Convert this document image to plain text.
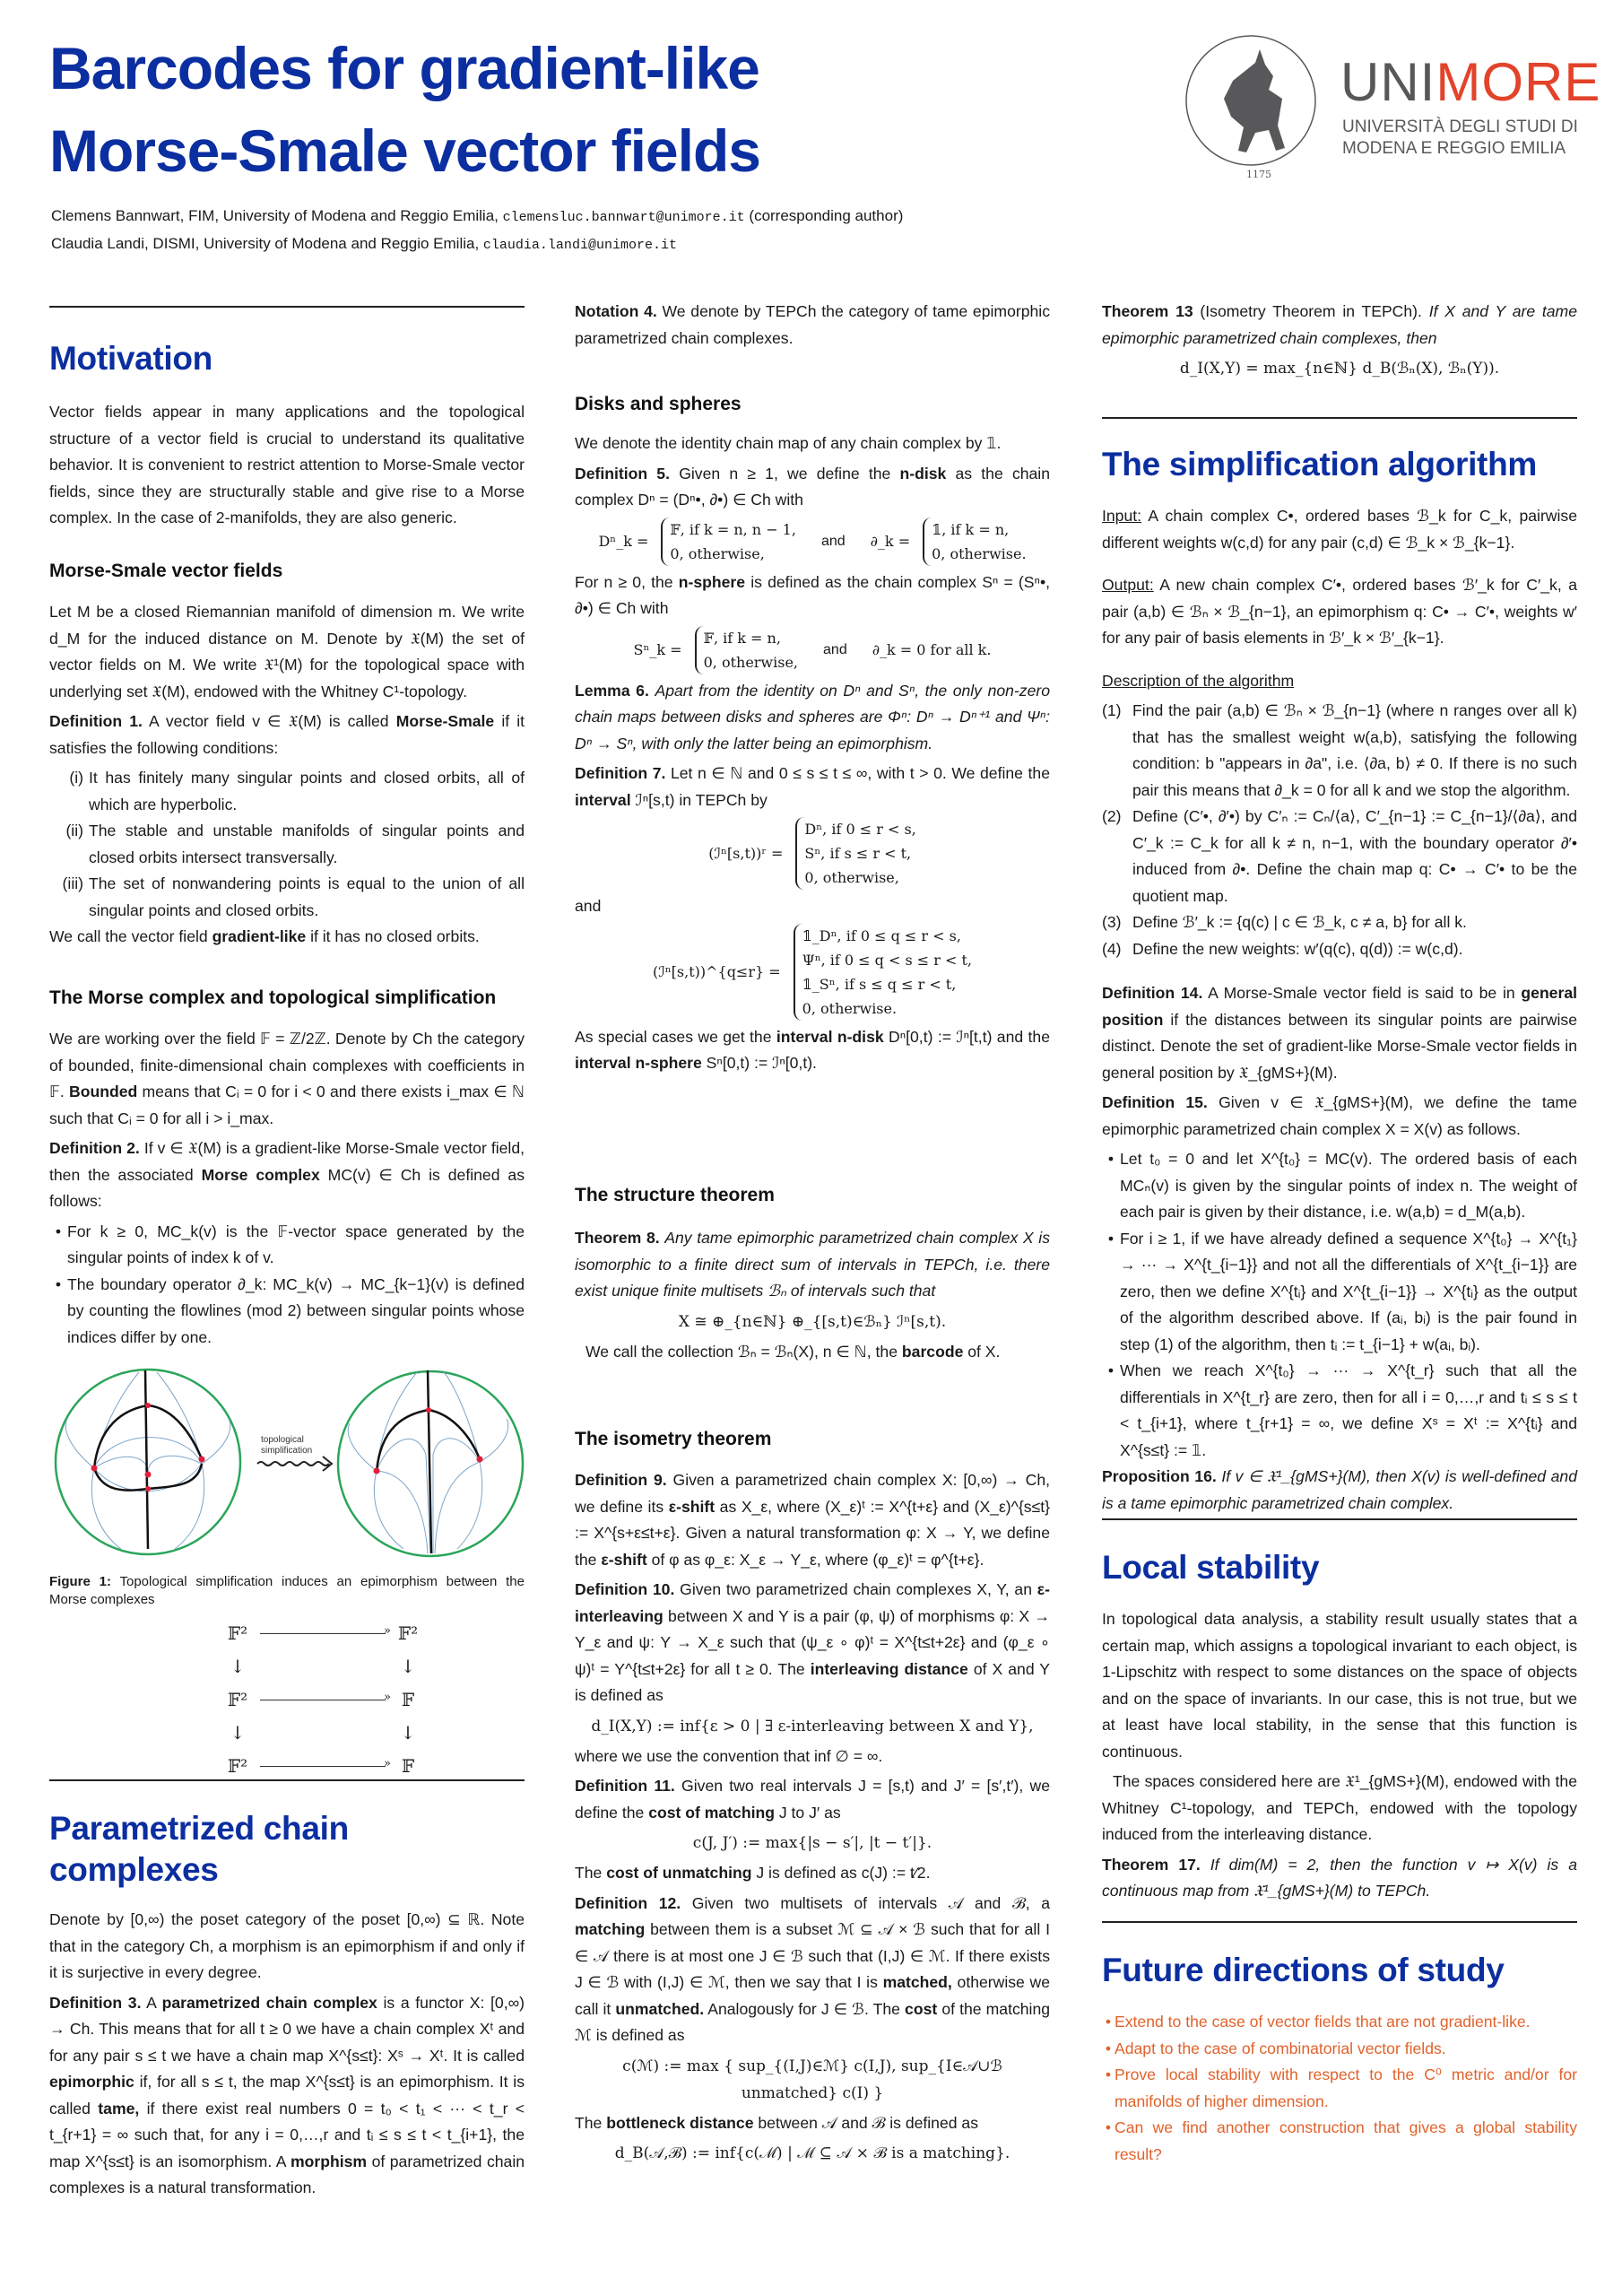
Barcodes for gradient-like
Morse-Smale vector fields
Clemens Bannwart, FIM, University of Modena and Reggio Emilia, clemensluc.bannwart@unimore.it (corresponding author)
Claudia Landi, DISMI, University of Modena and Reggio Emilia, claudia.landi@unimore.it
1175
UNIMORE
UNIVERSITÀ DEGLI STUDI DI
MODENA E REGGIO EMILIA
Motivation

Vector fields appear in many applications and the topological structure of a vector field is crucial to understand its qualitative behavior. It is convenient to restrict attention to Morse-Smale vector fields, since they are structurally stable and give rise to a Morse complex. In the case of 2-manifolds, they are also generic.

Morse-Smale vector fields

Let M be a closed Riemannian manifold of dimension m. We write d_M for the induced distance on M. Denote by 𝔛(M) the set of vector fields on M. We write 𝔛¹(M) for the topological space with underlying set 𝔛(M), endowed with the Whitney C¹-topology.

Definition 1. A vector field v ∈ 𝔛(M) is called Morse-Smale if it satisfies the following conditions:

(i) It has finitely many singular points and closed orbits, all of which are hyperbolic.
(ii) The stable and unstable manifolds of singular points and closed orbits intersect transversally.
(iii) The set of nonwandering points is equal to the union of all singular points and closed orbits.

We call the vector field gradient-like if it has no closed orbits.

The Morse complex and topological simplification

We are working over the field 𝔽 = ℤ/2ℤ. Denote by Ch the category of bounded, finite-dimensional chain complexes with coefficients in 𝔽. Bounded means that Cᵢ = 0 for i < 0 and there exists i_max ∈ ℕ such that Cᵢ = 0 for all i > i_max.

Definition 2. If v ∈ 𝔛(M) is a gradient-like Morse-Smale vector field, then the associated Morse complex MC(v) ∈ Ch is defined as follows:

• For k ≥ 0, MC_k(v) is the 𝔽-vector space generated by the singular points of index k of v.
• The boundary operator ∂_k: MC_k(v) → MC_{k−1}(v) is defined by counting the flowlines (mod 2) between singular points whose indices differ by one.
topological
simplification

Figure 1: Topological simplification induces an epimorphism between the Morse complexes

𝔽²	» 𝔽²
↓	↓
𝔽²	» 𝔽
↓	↓
𝔽²	» 𝔽
Parametrized chain complexes

Denote by [0,∞) the poset category of the poset [0,∞) ⊆ ℝ. Note that in the category Ch, a morphism is an epimorphism if and only if it is surjective in every degree.

Definition 3. A parametrized chain complex is a functor X: [0,∞) → Ch. This means that for all t ≥ 0 we have a chain complex Xᵗ and for any pair s ≤ t we have a chain map X^{s≤t}: Xˢ → Xᵗ. It is called epimorphic if, for all s ≤ t, the map X^{s≤t} is an epimorphism. It is called tame, if there exist real numbers 0 = t₀ < t₁ < ··· < t_r < t_{r+1} = ∞ such that, for any i = 0,…,r and tᵢ ≤ s ≤ t < t_{i+1}, the map X^{s≤t} is an isomorphism. A morphism of parametrized chain complexes is a natural transformation.

Notation 4. We denote by TEPCh the category of tame epimorphic parametrized chain complexes.

Disks and spheres

We denote the identity chain map of any chain complex by 𝟙.

Definition 5. Given n ≥ 1, we define the n-disk as the chain complex Dⁿ = (Dⁿ•, ∂•) ∈ Ch with

Dⁿ_k =
𝔽, if k = n, n − 1,
0, otherwise,
and ∂_k =
𝟙, if k = n,
0, otherwise.

For n ≥ 0, the n-sphere is defined as the chain complex Sⁿ = (Sⁿ•, ∂•) ∈ Ch with

Sⁿ_k =
𝔽, if k = n,
0, otherwise,
and ∂_k = 0 for all k.

Lemma 6. Apart from the identity on Dⁿ and Sⁿ, the only non-zero chain maps between disks and spheres are Φⁿ: Dⁿ → Dⁿ⁺¹ and Ψⁿ: Dⁿ → Sⁿ, with only the latter being an epimorphism.

Definition 7. Let n ∈ ℕ and 0 ≤ s ≤ t ≤ ∞, with t > 0. We define the interval ℐⁿ[s,t) in TEPCh by

(ℐⁿ[s,t))ʳ =
Dⁿ, if 0 ≤ r < s,
Sⁿ, if s ≤ r < t,
0, otherwise,

and

(ℐⁿ[s,t))^{q≤r} =
𝟙_Dⁿ, if 0 ≤ q ≤ r < s,
Ψⁿ, if 0 ≤ q < s ≤ r < t,
𝟙_Sⁿ, if s ≤ q ≤ r < t,
0, otherwise.

As special cases we get the interval n-disk Dⁿ[0,t) := ℐⁿ[t,t) and the interval n-sphere Sⁿ[0,t) := ℐⁿ[0,t).

The structure theorem

Theorem 8. Any tame epimorphic parametrized chain complex X is isomorphic to a finite direct sum of intervals in TEPCh, i.e. there exist unique finite multisets ℬₙ of intervals such that

X ≅ ⊕_{n∈ℕ} ⊕_{[s,t)∈ℬₙ} ℐⁿ[s,t).

We call the collection ℬₙ = ℬₙ(X), n ∈ ℕ, the barcode of X.

The isometry theorem

Definition 9. Given a parametrized chain complex X: [0,∞) → Ch, we define its ε-shift as X_ε, where (X_ε)ᵗ := X^{t+ε} and (X_ε)^{s≤t} := X^{s+ε≤t+ε}. Given a natural transformation φ: X → Y, we define the ε-shift of φ as φ_ε: X_ε → Y_ε, where (φ_ε)ᵗ = φ^{t+ε}.

Definition 10. Given two parametrized chain complexes X, Y, an ε-interleaving between X and Y is a pair (φ, ψ) of morphisms φ: X → Y_ε and ψ: Y → X_ε such that (ψ_ε ∘ φ)ᵗ = X^{t≤t+2ε} and (φ_ε ∘ ψ)ᵗ = Y^{t≤t+2ε} for all t ≥ 0. The interleaving distance of X and Y is defined as

d_I(X,Y) := inf{ε > 0 | ∃ ε-interleaving between X and Y},

where we use the convention that inf ∅ = ∞.

Definition 11. Given two real intervals J = [s,t) and J′ = [s′,t′), we define the cost of matching J to J′ as

c(J, J′) := max{|s − s′|, |t − t′|}.

The cost of unmatching J is defined as c(J) := t⁄2.

Definition 12. Given two multisets of intervals 𝒜 and ℬ, a matching between them is a subset ℳ ⊆ 𝒜 × ℬ such that for all I ∈ 𝒜 there is at most one J ∈ ℬ such that (I,J) ∈ ℳ. If there exists J ∈ ℬ with (I,J) ∈ ℳ, then we say that I is matched, otherwise we call it unmatched. Analogously for J ∈ ℬ. The cost of the matching ℳ is defined as

c(ℳ) := max { sup_{(I,J)∈ℳ} c(I,J), sup_{I∈𝒜∪ℬ unmatched} c(I) }

The bottleneck distance between 𝒜 and ℬ is defined as

d_B(𝒜,ℬ) := inf{c(ℳ) | ℳ ⊆ 𝒜 × ℬ is a matching}.

Theorem 13 (Isometry Theorem in TEPCh). If X and Y are tame epimorphic parametrized chain complexes, then

d_I(X,Y) = max_{n∈ℕ} d_B(ℬₙ(X), ℬₙ(Y)).
The simplification algorithm

Input: A chain complex C•, ordered bases ℬ_k for C_k, pairwise different weights w(c,d) for any pair (c,d) ∈ ℬ_k × ℬ_{k−1}.

Output: A new chain complex C′•, ordered bases ℬ′_k for C′_k, a pair (a,b) ∈ ℬₙ × ℬ_{n−1}, an epimorphism q: C• → C′•, weights w′ for any pair of basis elements in ℬ′_k × ℬ′_{k−1}.

Description of the algorithm

(1) Find the pair (a,b) ∈ ℬₙ × ℬ_{n−1} (where n ranges over all k) that has the smallest weight w(a,b), satisfying the following condition: b "appears in ∂a", i.e. ⟨∂a, b⟩ ≠ 0. If there is no such pair this means that ∂_k = 0 for all k and we stop the algorithm.
(2) Define (C′•, ∂′•) by C′ₙ := Cₙ/⟨a⟩, C′_{n−1} := C_{n−1}/⟨∂a⟩, and C′_k := C_k for all k ≠ n, n−1, with the boundary operator ∂′• induced from ∂•. Define the chain map q: C• → C′• to be the quotient map.
(3) Define ℬ′_k := {q(c) | c ∈ ℬ_k, c ≠ a, b} for all k.
(4) Define the new weights: w′(q(c), q(d)) := w(c,d).

Definition 14. A Morse-Smale vector field is said to be in general position if the distances between its singular points are pairwise distinct. Denote the set of gradient-like Morse-Smale vector fields in general position by 𝔛_{gMS+}(M).

Definition 15. Given v ∈ 𝔛_{gMS+}(M), we define the tame epimorphic parametrized chain complex X = X(v) as follows.

• Let t₀ = 0 and let X^{t₀} = MC(v). The ordered basis of each MCₙ(v) is given by the singular points of index n. The weight of each pair is given by their distance, i.e. w(a,b) = d_M(a,b).
• For i ≥ 1, if we have already defined a sequence X^{t₀} → X^{t₁} → ··· → X^{t_{i−1}} and not all the differentials of X^{t_{i−1}} are zero, then we define X^{tᵢ} and X^{t_{i−1}} → X^{tᵢ} as the output of the algorithm described above. If (aᵢ, bᵢ) is the pair found in step (1) of the algorithm, then tᵢ := t_{i−1} + w(aᵢ, bᵢ).
• When we reach X^{t₀} → ··· → X^{t_r} such that all the differentials in X^{t_r} are zero, then for all i = 0,…,r and tᵢ ≤ s ≤ t < t_{i+1}, where t_{r+1} = ∞, we define Xˢ = Xᵗ := X^{tᵢ} and X^{s≤t} := 𝟙.

Proposition 16. If v ∈ 𝔛¹_{gMS+}(M), then X(v) is well-defined and is a tame epimorphic parametrized chain complex.

Local stability

In topological data analysis, a stability result usually states that a certain map, which assigns a topological invariant to each object, is 1-Lipschitz with respect to some distances on the space of objects and on the space of invariants. In our case, this is not true, but we at least have local stability, in the sense that this function is continuous.

The spaces considered here are 𝔛¹_{gMS+}(M), endowed with the Whitney C¹-topology, and TEPCh, endowed with the topology induced from the interleaving distance.

Theorem 17. If dim(M) = 2, then the function v ↦ X(v) is a continuous map from 𝔛¹_{gMS+}(M) to TEPCh.

Future directions of study
• Extend to the case of vector fields that are not gradient-like.
• Adapt to the case of combinatorial vector fields.
• Prove local stability with respect to the C⁰ metric and/or for manifolds of higher dimension.
• Can we find another construction that gives a global stability result?
